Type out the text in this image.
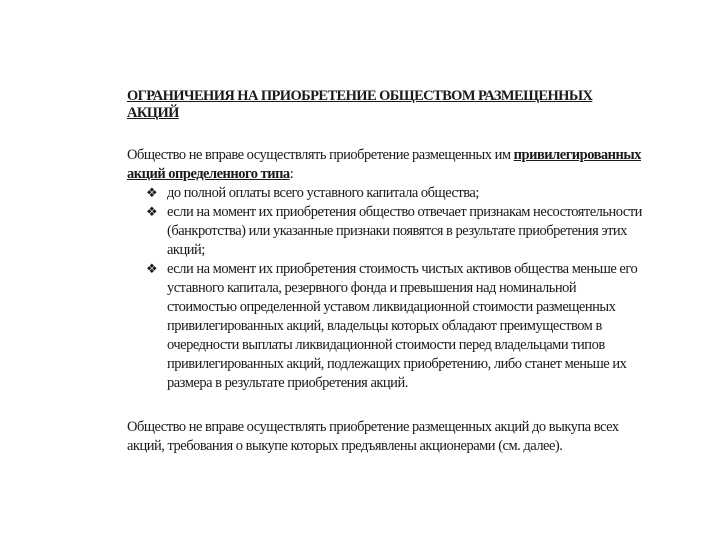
ОГРАНИЧЕНИЯ НА ПРИОБРЕТЕНИЕ ОБЩЕСТВОМ РАЗМЕЩЕННЫХ АКЦИЙ

Общество не вправе осуществлять приобретение размещенных им привилегированных акций определенного типа:

❖ до полной оплаты всего уставного капитала общества;
❖ если на момент их приобретения общество отвечает признакам несостоятельности (банкротства) или указанные признаки появятся в результате приобретения этих акций;
❖ если на момент их приобретения стоимость чистых активов общества меньше его уставного капитала, резервного фонда и превышения над номинальной стоимостью определенной уставом ликвидационной стоимости размещенных привилегированных акций, владельцы которых обладают преимуществом в очередности выплаты ликвидационной стоимости перед владельцами типов привилегированных акций, подлежащих приобретению, либо станет меньше их размера в результате приобретения акций.

Общество не вправе осуществлять приобретение размещенных акций до выкупа всех акций, требования о выкупе которых предъявлены акционерами (см. далее).
